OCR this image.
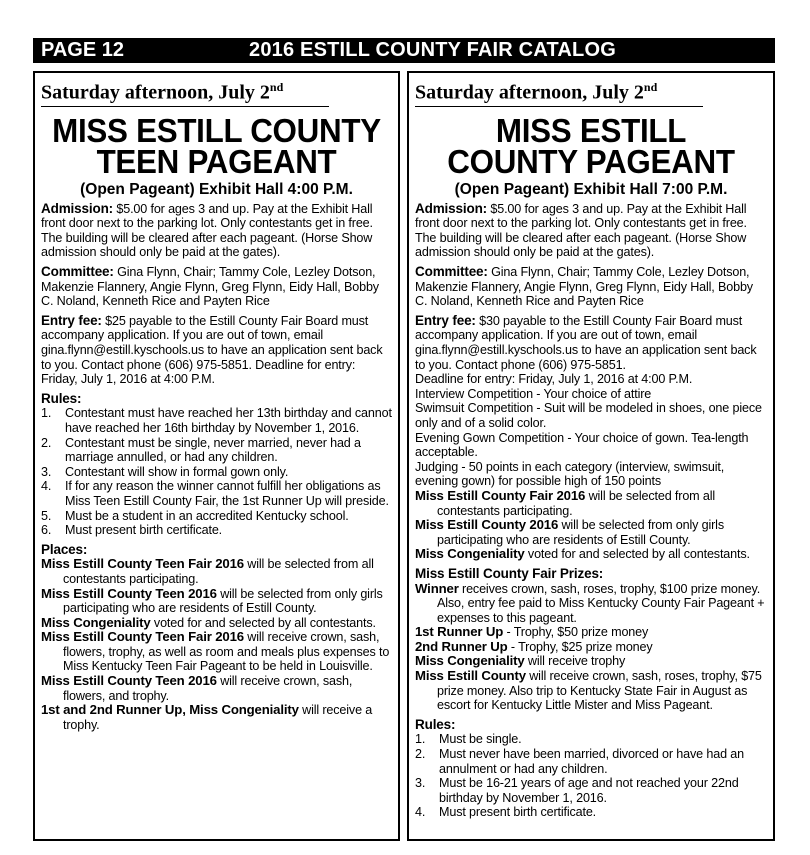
PAGE 12	2016 ESTILL COUNTY FAIR CATALOG
Saturday afternoon, July 2nd
MISS ESTILL COUNTY
TEEN PAGEANT
(Open Pageant) Exhibit Hall 4:00 P.M.

Admission: $5.00 for ages 3 and up. Pay at the Exhibit Hall front door next to the parking lot. Only contestants get in free. The building will be cleared after each pageant. (Horse Show admission should only be paid at the gates).

Committee: Gina Flynn, Chair; Tammy Cole, Lezley Dotson, Makenzie Flannery, Angie Flynn, Greg Flynn, Eidy Hall, Bobby C. Noland, Kenneth Rice and Payten Rice

Entry fee: $25 payable to the Estill County Fair Board must accompany application. If you are out of town, email gina.flynn@estill.kyschools.us to have an application sent back to you. Contact phone (606) 975-5851. Deadline for entry: Friday, July 1, 2016 at 4:00 P.M.

Rules:

1. Contestant must have reached her 13th birthday and cannot have reached her 16th birthday by November 1, 2016.
2. Contestant must be single, never married, never had a marriage annulled, or had any children.
3. Contestant will show in formal gown only.
4. If for any reason the winner cannot fulfill her obligations as Miss Teen Estill County Fair, the 1st Runner Up will preside.
5. Must be a student in an accredited Kentucky school.
6. Must present birth certificate.

Places:

Miss Estill County Teen Fair 2016 will be selected from all contestants participating.

Miss Estill County Teen 2016 will be selected from only girls participating who are residents of Estill County.

Miss Congeniality voted for and selected by all contestants.

Miss Estill County Teen Fair 2016 will receive crown, sash, flowers, trophy, as well as room and meals plus expenses to Miss Kentucky Teen Fair Pageant to be held in Louisville.

Miss Estill County Teen 2016 will receive crown, sash, flowers, and trophy.

1st and 2nd Runner Up, Miss Congeniality will receive a trophy.

Saturday afternoon, July 2nd
MISS ESTILL
COUNTY PAGEANT
(Open Pageant) Exhibit Hall 7:00 P.M.

Admission: $5.00 for ages 3 and up. Pay at the Exhibit Hall front door next to the parking lot. Only contestants get in free. The building will be cleared after each pageant. (Horse Show admission should only be paid at the gates).

Committee: Gina Flynn, Chair; Tammy Cole, Lezley Dotson, Makenzie Flannery, Angie Flynn, Greg Flynn, Eidy Hall, Bobby C. Noland, Kenneth Rice and Payten Rice

Entry fee: $30 payable to the Estill County Fair Board must accompany application. If you are out of town, email gina.flynn@estill.kyschools.us to have an application sent back to you. Contact phone (606) 975-5851.

Deadline for entry: Friday, July 1, 2016 at 4:00 P.M.

Interview Competition - Your choice of attire

Swimsuit Competition - Suit will be modeled in shoes, one piece only and of a solid color.

Evening Gown Competition - Your choice of gown. Tea-length acceptable.

Judging - 50 points in each category (interview, swimsuit, evening gown) for possible high of 150 points

Miss Estill County Fair 2016 will be selected from all contestants participating.

Miss Estill County 2016 will be selected from only girls participating who are residents of Estill County.

Miss Congeniality voted for and selected by all contestants.

Miss Estill County Fair Prizes:

Winner receives crown, sash, roses, trophy, $100 prize money. Also, entry fee paid to Miss Kentucky County Fair Pageant + expenses to this pageant.

1st Runner Up - Trophy, $50 prize money

2nd Runner Up - Trophy, $25 prize money

Miss Congeniality will receive trophy

Miss Estill County will receive crown, sash, roses, trophy, $75 prize money. Also trip to Kentucky State Fair in August as escort for Kentucky Little Mister and Miss Pageant.

Rules:

1. Must be single.
2. Must never have been married, divorced or have had an annulment or had any children.
3. Must be 16-21 years of age and not reached your 22nd birthday by November 1, 2016.
4. Must present birth certificate.
